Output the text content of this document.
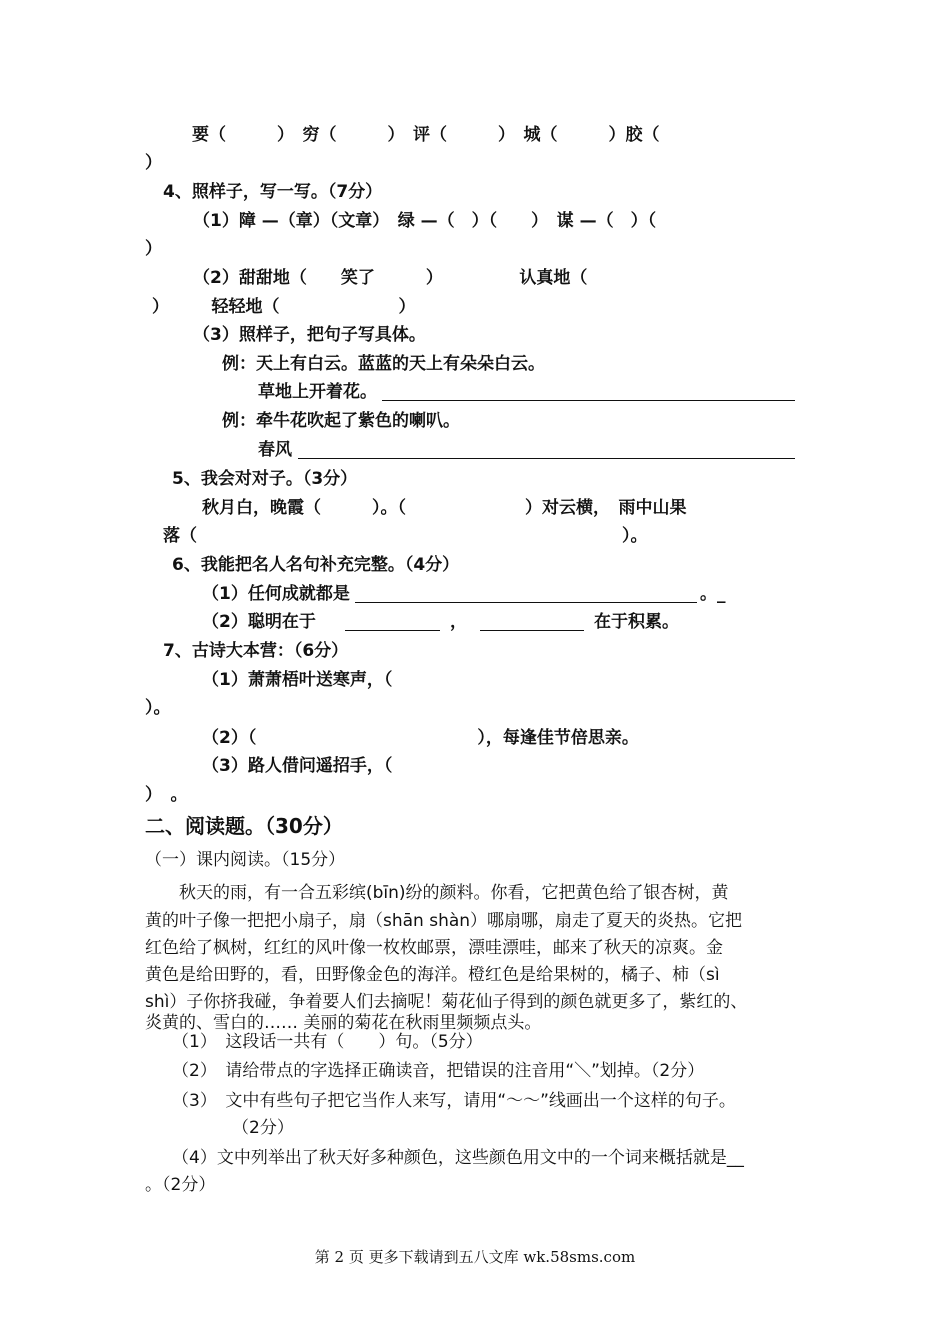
要（　　　）　穷（　　　）　评（　　　）　城（　　　）胶（
）
4、照样子，写一写。（7分）
（1）障 —（章）（文章）　绿 —（　）（　　）　谋 —（　）（
）
（2）甜甜地（　　笑了　　　）　　　　　认真地（
）　　　轻轻地（　　　　　　　）
（3）照样子，把句子写具体。
例：天上有白云。蓝蓝的天上有朵朵白云。
草地上开着花。
例：牵牛花吹起了紫色的喇叭。
春风
5、我会对对子。（3分）
秋月白，晚霞（　　　）。（　　　　　　　）对云横，　雨中山果
落（　　　　　　　　　　　　　　　　　　　　　　　　　）。
6、我能把名人名句补充完整。（4分）
（1）任何成就都是	。_
（2）聪明在于	，	在于积累。
7、古诗大本营：（6分）
（1）萧萧梧叶送寒声，（
）。
（2）（　　　　　　　　　　　　　），每逢佳节倍思亲。
（3）路人借问遥招手，（
）　。
二、阅读题。（30分）
（一）课内阅读。（15分）
　　秋天的雨，有一合五彩缤(bīn)纷的颜料。你看，它把黄色给了银杏树，黄
黄的叶子像一把把小扇子，扇（shān shàn）哪扇哪，扇走了夏天的炎热。它把
红色给了枫树，红红的风叶像一枚枚邮票，漂哇漂哇，邮来了秋天的凉爽。金
黄色是给田野的，看，田野像金色的海洋。橙红色是给果树的，橘子、柿（sì
shì）子你挤我碰，争着要人们去摘呢！菊花仙子得到的颜色就更多了，紫红的、
炎黄的、雪白的…… 美丽的菊花在秋雨里频频点头。
（1）　这段话一共有（　　）句。（5分）
（2）　请给带点的字选择正确读音，把错误的注音用“＼”划掉。（2分）
（3）　文中有些句子把它当作人来写，请用“～～”线画出一个这样的句子。
（2分）
（4）文中列举出了秋天好多种颜色，这些颜色用文中的一个词来概括就是__
。（2分）
第 2 页 更多下载请到五八文库 wk.58sms.com
